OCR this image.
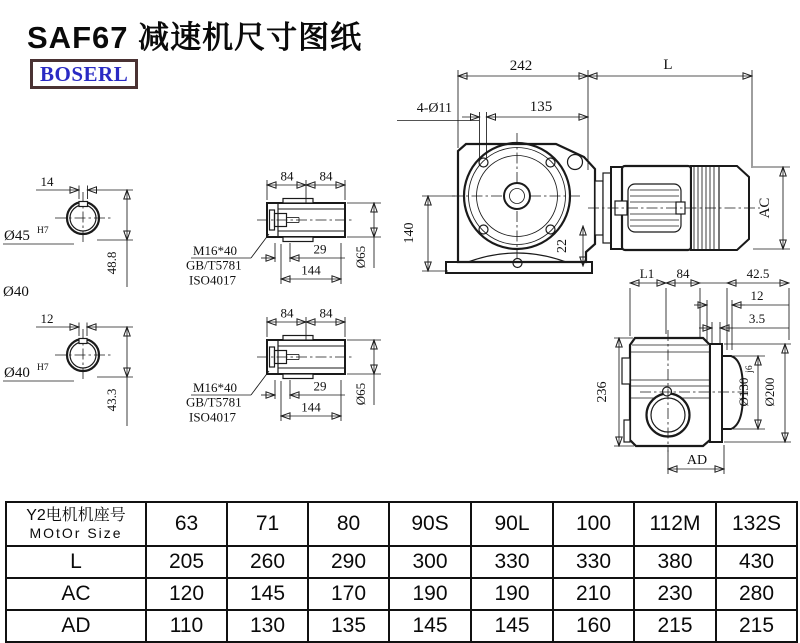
SAF67 减速机尺寸图纸
BOSERL
14
48.8
Ø45 H7
Ø40
12
43.3
Ø40 H7
84 84
29
144
Ø65
M16*40
GB/T5781
ISO4017
84 84
29
144
Ø65
M16*40
GB/T5781
ISO4017
242	L
135
4-Ø11
140
22
AC
L1 84	42.5
12
3.5
236	Ø130
j6
Ø200
AD
Y2电机机座号
MOtOr Size	63	71	80	90S	90L	100	112M	132S
L	205	260	290	300	330	330	380	430
AC	120	145	170	190	190	210	230	280
AD	110	130	135	145	145	160	215	215
